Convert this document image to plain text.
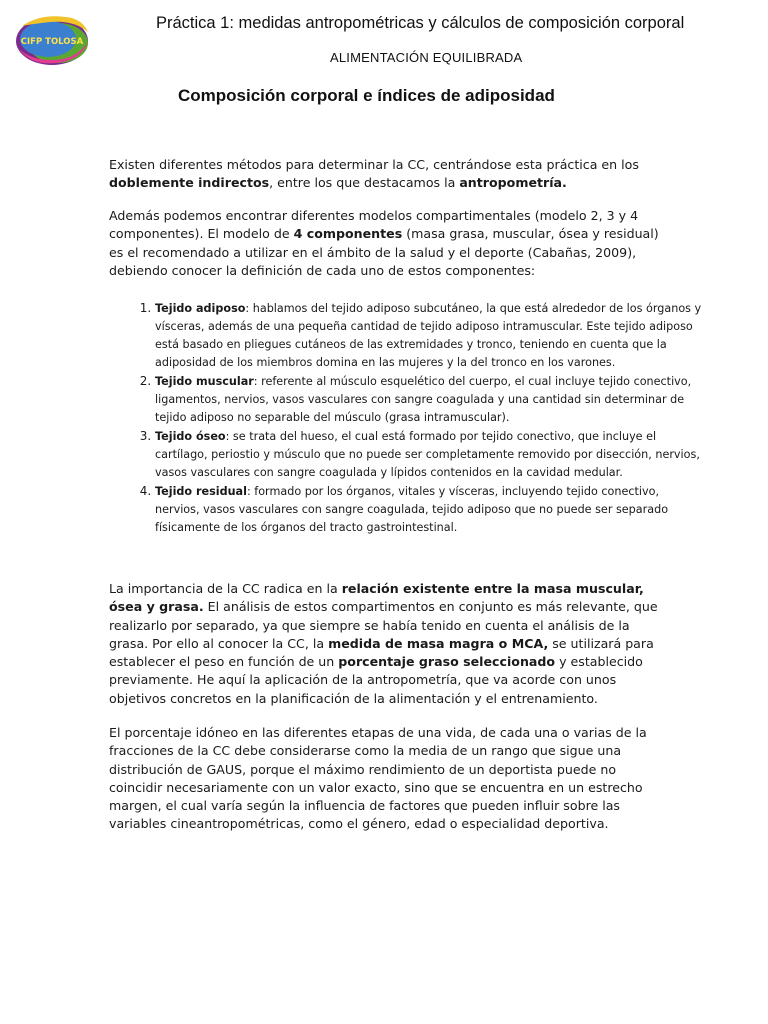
CIFP TOLOSA
Práctica 1: medidas antropométricas y cálculos de composición corporal
ALIMENTACIÓN EQUILIBRADA
Composición corporal e índices de adiposidad

Existen diferentes métodos para determinar la CC, centrándose esta práctica en los doblemente indirectos, entre los que destacamos la antropometría.

Además podemos encontrar diferentes modelos compartimentales (modelo 2, 3 y 4 componentes). El modelo de 4 componentes (masa grasa, muscular, ósea y residual) es el recomendado a utilizar en el ámbito de la salud y el deporte (Cabañas, 2009), debiendo conocer la definición de cada uno de estos componentes:

1. Tejido adiposo: hablamos del tejido adiposo subcutáneo, la que está alrededor de los órganos y vísceras, además de una pequeña cantidad de tejido adiposo intramuscular. Este tejido adiposo está basado en pliegues cutáneos de las extremidades y tronco, teniendo en cuenta que la adiposidad de los miembros domina en las mujeres y la del tronco en los varones.
2. Tejido muscular: referente al músculo esquelético del cuerpo, el cual incluye tejido conectivo, ligamentos, nervios, vasos vasculares con sangre coagulada y una cantidad sin determinar de tejido adiposo no separable del músculo (grasa intramuscular).
3. Tejido óseo: se trata del hueso, el cual está formado por tejido conectivo, que incluye el cartílago, periostio y músculo que no puede ser completamente removido por disección, nervios, vasos vasculares con sangre coagulada y lípidos contenidos en la cavidad medular.
4. Tejido residual: formado por los órganos, vitales y vísceras, incluyendo tejido conectivo, nervios, vasos vasculares con sangre coagulada, tejido adiposo que no puede ser separado físicamente de los órganos del tracto gastrointestinal.

La importancia de la CC radica en la relación existente entre la masa muscular, ósea y grasa. El análisis de estos compartimentos en conjunto es más relevante, que realizarlo por separado, ya que siempre se había tenido en cuenta el análisis de la grasa. Por ello al conocer la CC, la medida de masa magra o MCA, se utilizará para establecer el peso en función de un porcentaje graso seleccionado y establecido previamente. He aquí la aplicación de la antropometría, que va acorde con unos objetivos concretos en la planificación de la alimentación y el entrenamiento.

El porcentaje idóneo en las diferentes etapas de una vida, de cada una o varias de la fracciones de la CC debe considerarse como la media de un rango que sigue una distribución de GAUS, porque el máximo rendimiento de un deportista puede no coincidir necesariamente con un valor exacto, sino que se encuentra en un estrecho margen, el cual varía según la influencia de factores que pueden influir sobre las variables cineantropométricas, como el género, edad o especialidad deportiva.
